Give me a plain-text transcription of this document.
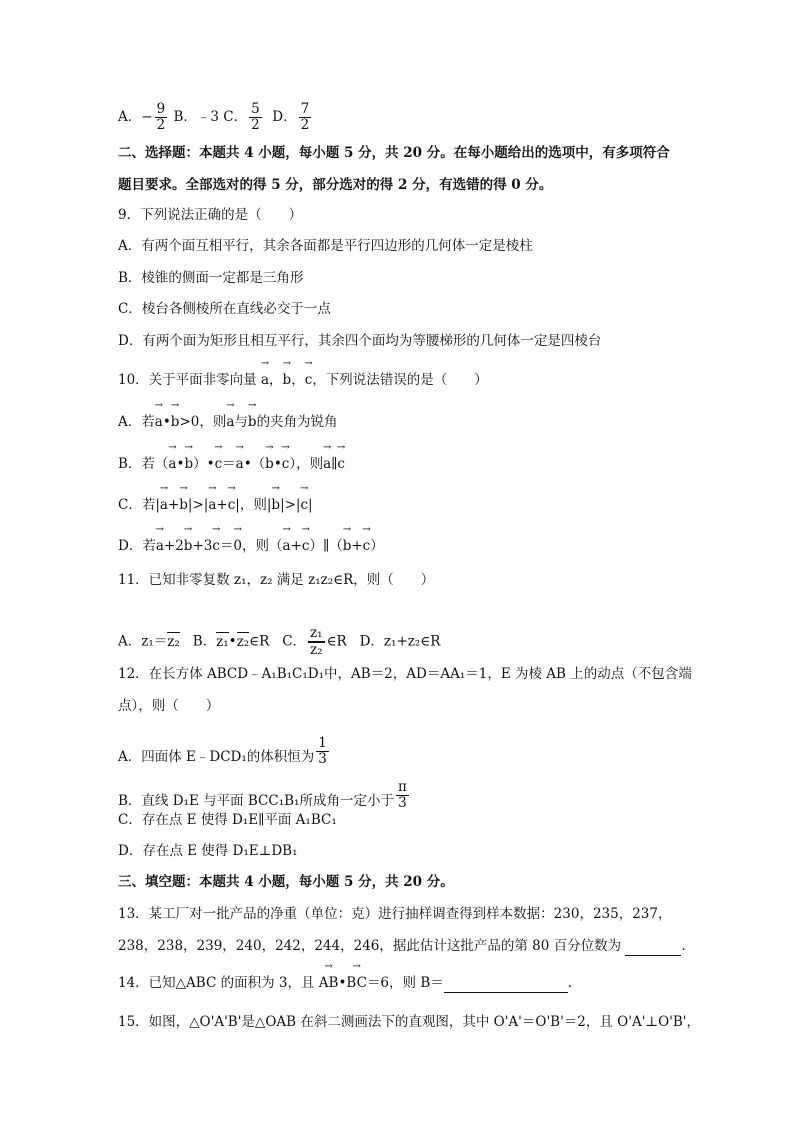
A．− $\frac{9}{2}$ B．﹣3 C． $\frac{5}{2}$ D． $\frac{7}{2}$
二、选择题：本题共 4 小题，每小题 5 分，共 20 分。在每小题给出的选项中，有多项符合
题目要求。全部选对的得 5 分，部分选对的得 2 分，有选错的得 0 分。
9．下列说法正确的是（　　）
A．有两个面互相平行，其余各面都是平行四边形的几何体一定是棱柱
B．棱锥的侧面一定都是三角形
C．棱台各侧棱所在直线必交于一点
D．有两个面为矩形且相互平行，其余四个面均为等腰梯形的几何体一定是四棱台
10．关于平面非零向量 → a，→ b，→ c，下列说法错误的是（　　）
A．若→ a•→ b>0，则→ a与→ b的夹角为锐角
B．若（→ a•→ b）•→ c＝→ a•（→ b•→ c），则→ a∥→ c
C．若|→ a+→ b|>|→ a+→ c|，则|→ b|>|→ c|
D．若→ a+2→ b+3→ c＝→ 0，则（→ a+→ c）∥（→ b+→ c）
11．已知非零复数 z₁，z₂ 满足 z₁z₂∈R，则（　　）
A．z₁＝z₂ B．z₁•z₂∈R C． $\frac{\text{z₁}}{\text{z₂}}$ ∈R D．z₁+z₂∈R
12．在长方体 ABCD﹣A₁B₁C₁D₁中，AB＝2，AD＝AA₁＝1，E 为棱 AB 上的动点（不包含端
点），则（　　）
A．四面体 E﹣DCD₁的体积恒为 $\frac{1}{3}$
B．直线 D₁E 与平面 BCC₁B₁所成角一定小于 $\frac{\pi}{3}$
C．存在点 E 使得 D₁E∥平面 A₁BC₁
D．存在点 E 使得 D₁E⊥DB₁
三、填空题：本题共 4 小题，每小题 5 分，共 20 分。
13．某工厂对一批产品的净重（单位：克）进行抽样调查得到样本数据：230，235，237，
238，238，239，240，242，244，246，据此估计这批产品的第 80 百分位数为	．
14．已知△ABC 的面积为 3，且 → AB•→ BC＝6，则 B＝	．
15．如图，△O'A'B'是△OAB 在斜二测画法下的直观图，其中 O'A'＝O'B'＝2，且 O'A'⊥O'B'，
